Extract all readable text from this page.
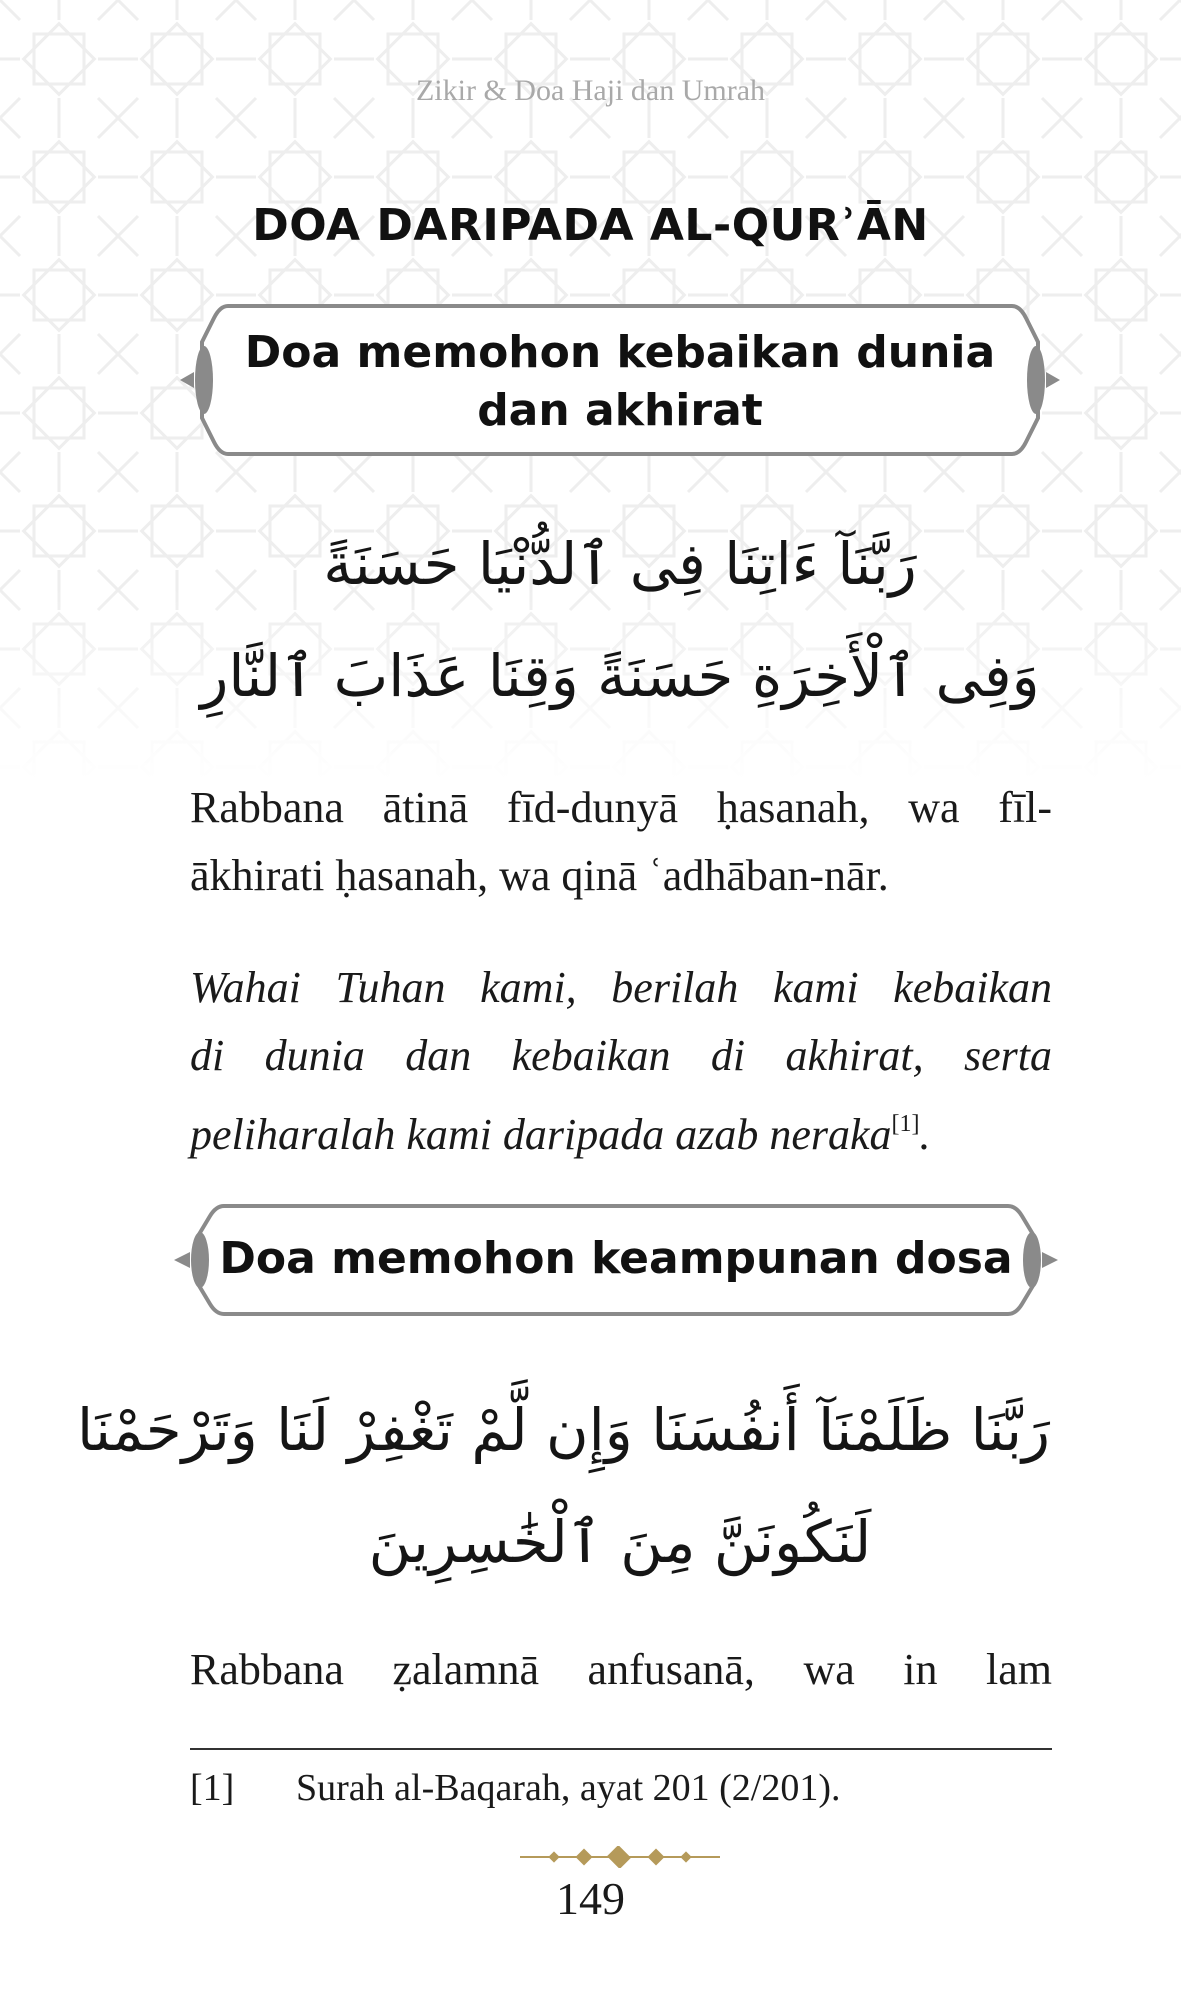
Zikir & Doa Haji dan Umrah
DOA DARIPADA AL-QURʾĀN
Doa memohon kebaikan dunia
dan akhirat
رَبَّنَآ ءَاتِنَا فِى ٱلدُّنْيَا حَسَنَةً
وَفِى ٱلْأَخِرَةِ حَسَنَةً وَقِنَا عَذَابَ ٱلنَّارِ
Rabbana ātinā fīd-dunyā ḥasanah, wa fīl-
ākhirati ḥasanah, wa qinā ʿadhāban-nār.
Wahai Tuhan kami, berilah kami kebaikan
di dunia dan kebaikan di akhirat, serta
peliharalah kami daripada azab neraka[1].
Doa memohon keampunan dosa
رَبَّنَا ظَلَمْنَآ أَنفُسَنَا وَإِن لَّمْ تَغْفِرْ لَنَا وَتَرْحَمْنَا
لَنَكُونَنَّ مِنَ ٱلْخَٰسِرِينَ
Rabbana ẓalamnā anfusanā, wa in lam
[1] Surah al-Baqarah, ayat 201 (2/201).
149
